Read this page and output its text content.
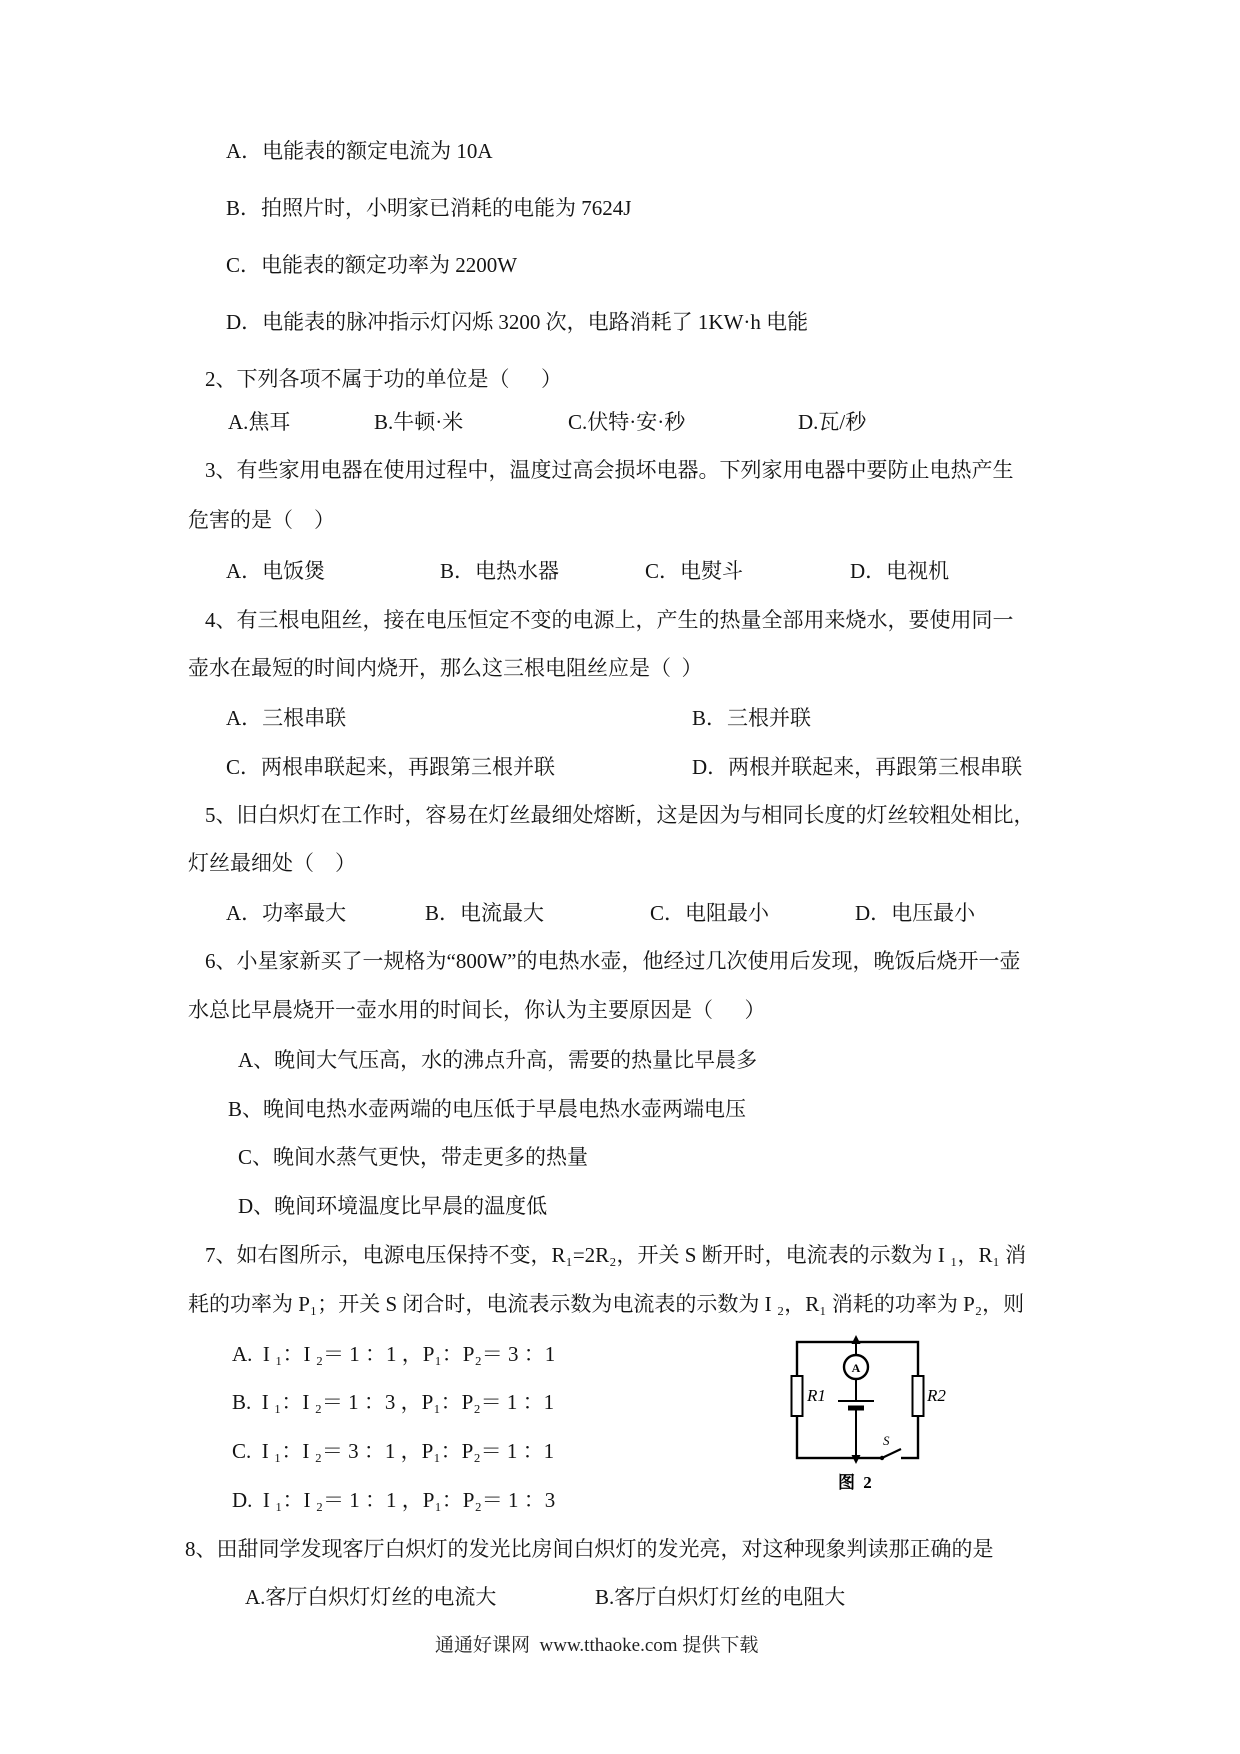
A．电能表的额定电流为 10A
B．拍照片时，小明家已消耗的电能为 7624J
C．电能表的额定功率为 2200W
D．电能表的脉冲指示灯闪烁 3200 次，电路消耗了 1KW·h 电能
2、下列各项不属于功的单位是（      ）
A.焦耳	B.牛顿·米	C.伏特·安·秒	D.瓦/秒
3、有些家用电器在使用过程中，温度过高会损坏电器。下列家用电器中要防止电热产生
危害的是（    ）
A．电饭煲	B．电热水器	C．电熨斗	D．电视机
4、有三根电阻丝，接在电压恒定不变的电源上，产生的热量全部用来烧水，要使用同一
壶水在最短的时间内烧开，那么这三根电阻丝应是（  ）
A．三根串联	B．三根并联
C．两根串联起来，再跟第三根并联	D．两根并联起来，再跟第三根串联
5、旧白炽灯在工作时，容易在灯丝最细处熔断，这是因为与相同长度的灯丝较粗处相比，
灯丝最细处（    ）
A．功率最大	B．电流最大	C．电阻最小	D．电压最小
6、小星家新买了一规格为“800W”的电热水壶，他经过几次使用后发现，晚饭后烧开一壶
水总比早晨烧开一壶水用的时间长，你认为主要原因是（      ）
A、晚间大气压高，水的沸点升高，需要的热量比早晨多
B、晚间电热水壶两端的电压低于早晨电热水壶两端电压
C、晚间水蒸气更快，带走更多的热量
D、晚间环境温度比早晨的温度低
7、如右图所示，电源电压保持不变，R₁=2R₂，开关 S 断开时，电流表的示数为 I ₁，R₁ 消
耗的功率为 P₁；开关 S 闭合时，电流表示数为电流表的示数为 I ₂，R₁ 消耗的功率为 P₂，则
A.  I ₁：I ₂＝ 1 ：1 ，P₁：P₂＝ 3 ：1
B.  I ₁：I ₂＝ 1 ：3 ，P₁：P₂＝ 1 ：1
C.  I ₁：I ₂＝ 3 ：1 ，P₁：P₂＝ 1 ：1
D.  I ₁：I ₂＝ 1 ：1 ，P₁：P₂＝ 1 ：3
R1	R2
A
S
图 2
8、田甜同学发现客厅白炽灯的发光比房间白炽灯的发光亮，对这种现象判读那正确的是
A.客厅白炽灯灯丝的电流大	B.客厅白炽灯灯丝的电阻大
通通好课网  www.tthaoke.com 提供下载
